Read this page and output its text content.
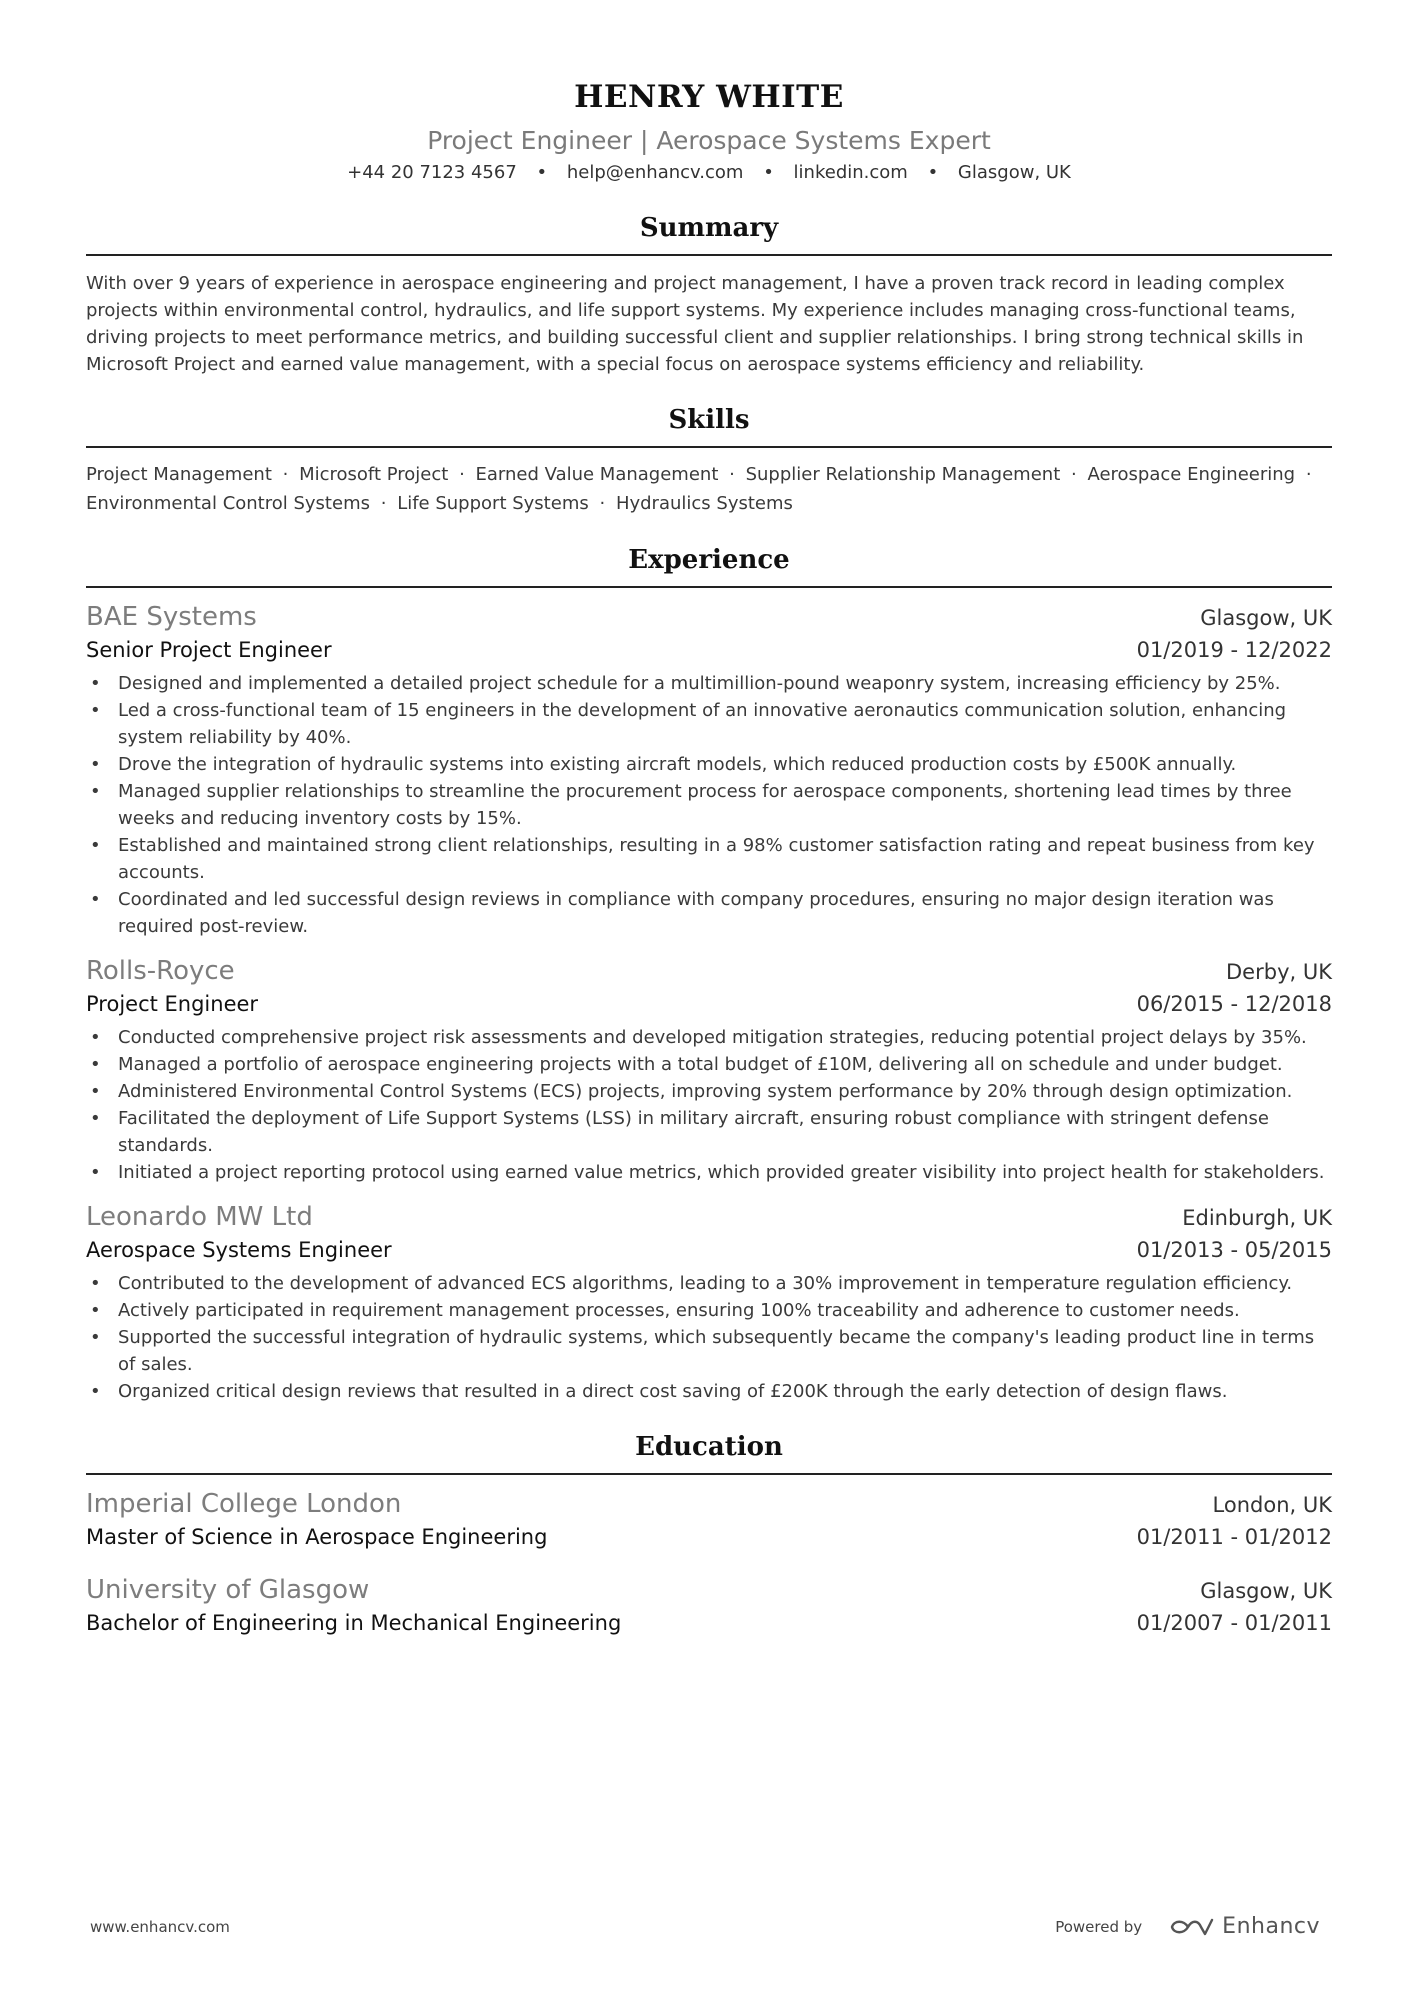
HENRY WHITE
Project Engineer | Aerospace Systems Expert
+44 20 7123 4567 • help@enhancv.com • linkedin.com • Glasgow, UK
Summary
With over 9 years of experience in aerospace engineering and project management, I have a proven track record in leading complex projects within environmental control, hydraulics, and life support systems. My experience includes managing cross-functional teams, driving projects to meet performance metrics, and building successful client and supplier relationships. I bring strong technical skills in Microsoft Project and earned value management, with a special focus on aerospace systems efficiency and reliability.
Skills
Project Management · Microsoft Project · Earned Value Management · Supplier Relationship Management · Aerospace Engineering · Environmental Control Systems · Life Support Systems · Hydraulics Systems
Experience
BAE Systems	Glasgow, UK
Senior Project Engineer	01/2019 - 12/2022
• Designed and implemented a detailed project schedule for a multimillion-pound weaponry system, increasing efficiency by 25%.
• Led a cross-functional team of 15 engineers in the development of an innovative aeronautics communication solution, enhancing system reliability by 40%.
• Drove the integration of hydraulic systems into existing aircraft models, which reduced production costs by £500K annually.
• Managed supplier relationships to streamline the procurement process for aerospace components, shortening lead times by three weeks and reducing inventory costs by 15%.
• Established and maintained strong client relationships, resulting in a 98% customer satisfaction rating and repeat business from key accounts.
• Coordinated and led successful design reviews in compliance with company procedures, ensuring no major design iteration was required post-review.
Rolls-Royce	Derby, UK
Project Engineer	06/2015 - 12/2018
• Conducted comprehensive project risk assessments and developed mitigation strategies, reducing potential project delays by 35%.
• Managed a portfolio of aerospace engineering projects with a total budget of £10M, delivering all on schedule and under budget.
• Administered Environmental Control Systems (ECS) projects, improving system performance by 20% through design optimization.
• Facilitated the deployment of Life Support Systems (LSS) in military aircraft, ensuring robust compliance with stringent defense standards.
• Initiated a project reporting protocol using earned value metrics, which provided greater visibility into project health for stakeholders.
Leonardo MW Ltd	Edinburgh, UK
Aerospace Systems Engineer	01/2013 - 05/2015
• Contributed to the development of advanced ECS algorithms, leading to a 30% improvement in temperature regulation efficiency.
• Actively participated in requirement management processes, ensuring 100% traceability and adherence to customer needs.
• Supported the successful integration of hydraulic systems, which subsequently became the company's leading product line in terms of sales.
• Organized critical design reviews that resulted in a direct cost saving of £200K through the early detection of design flaws.
Education
Imperial College London	London, UK
Master of Science in Aerospace Engineering	01/2011 - 01/2012
University of Glasgow	Glasgow, UK
Bachelor of Engineering in Mechanical Engineering	01/2007 - 01/2011
www.enhancv.com	Powered by	Enhancv
